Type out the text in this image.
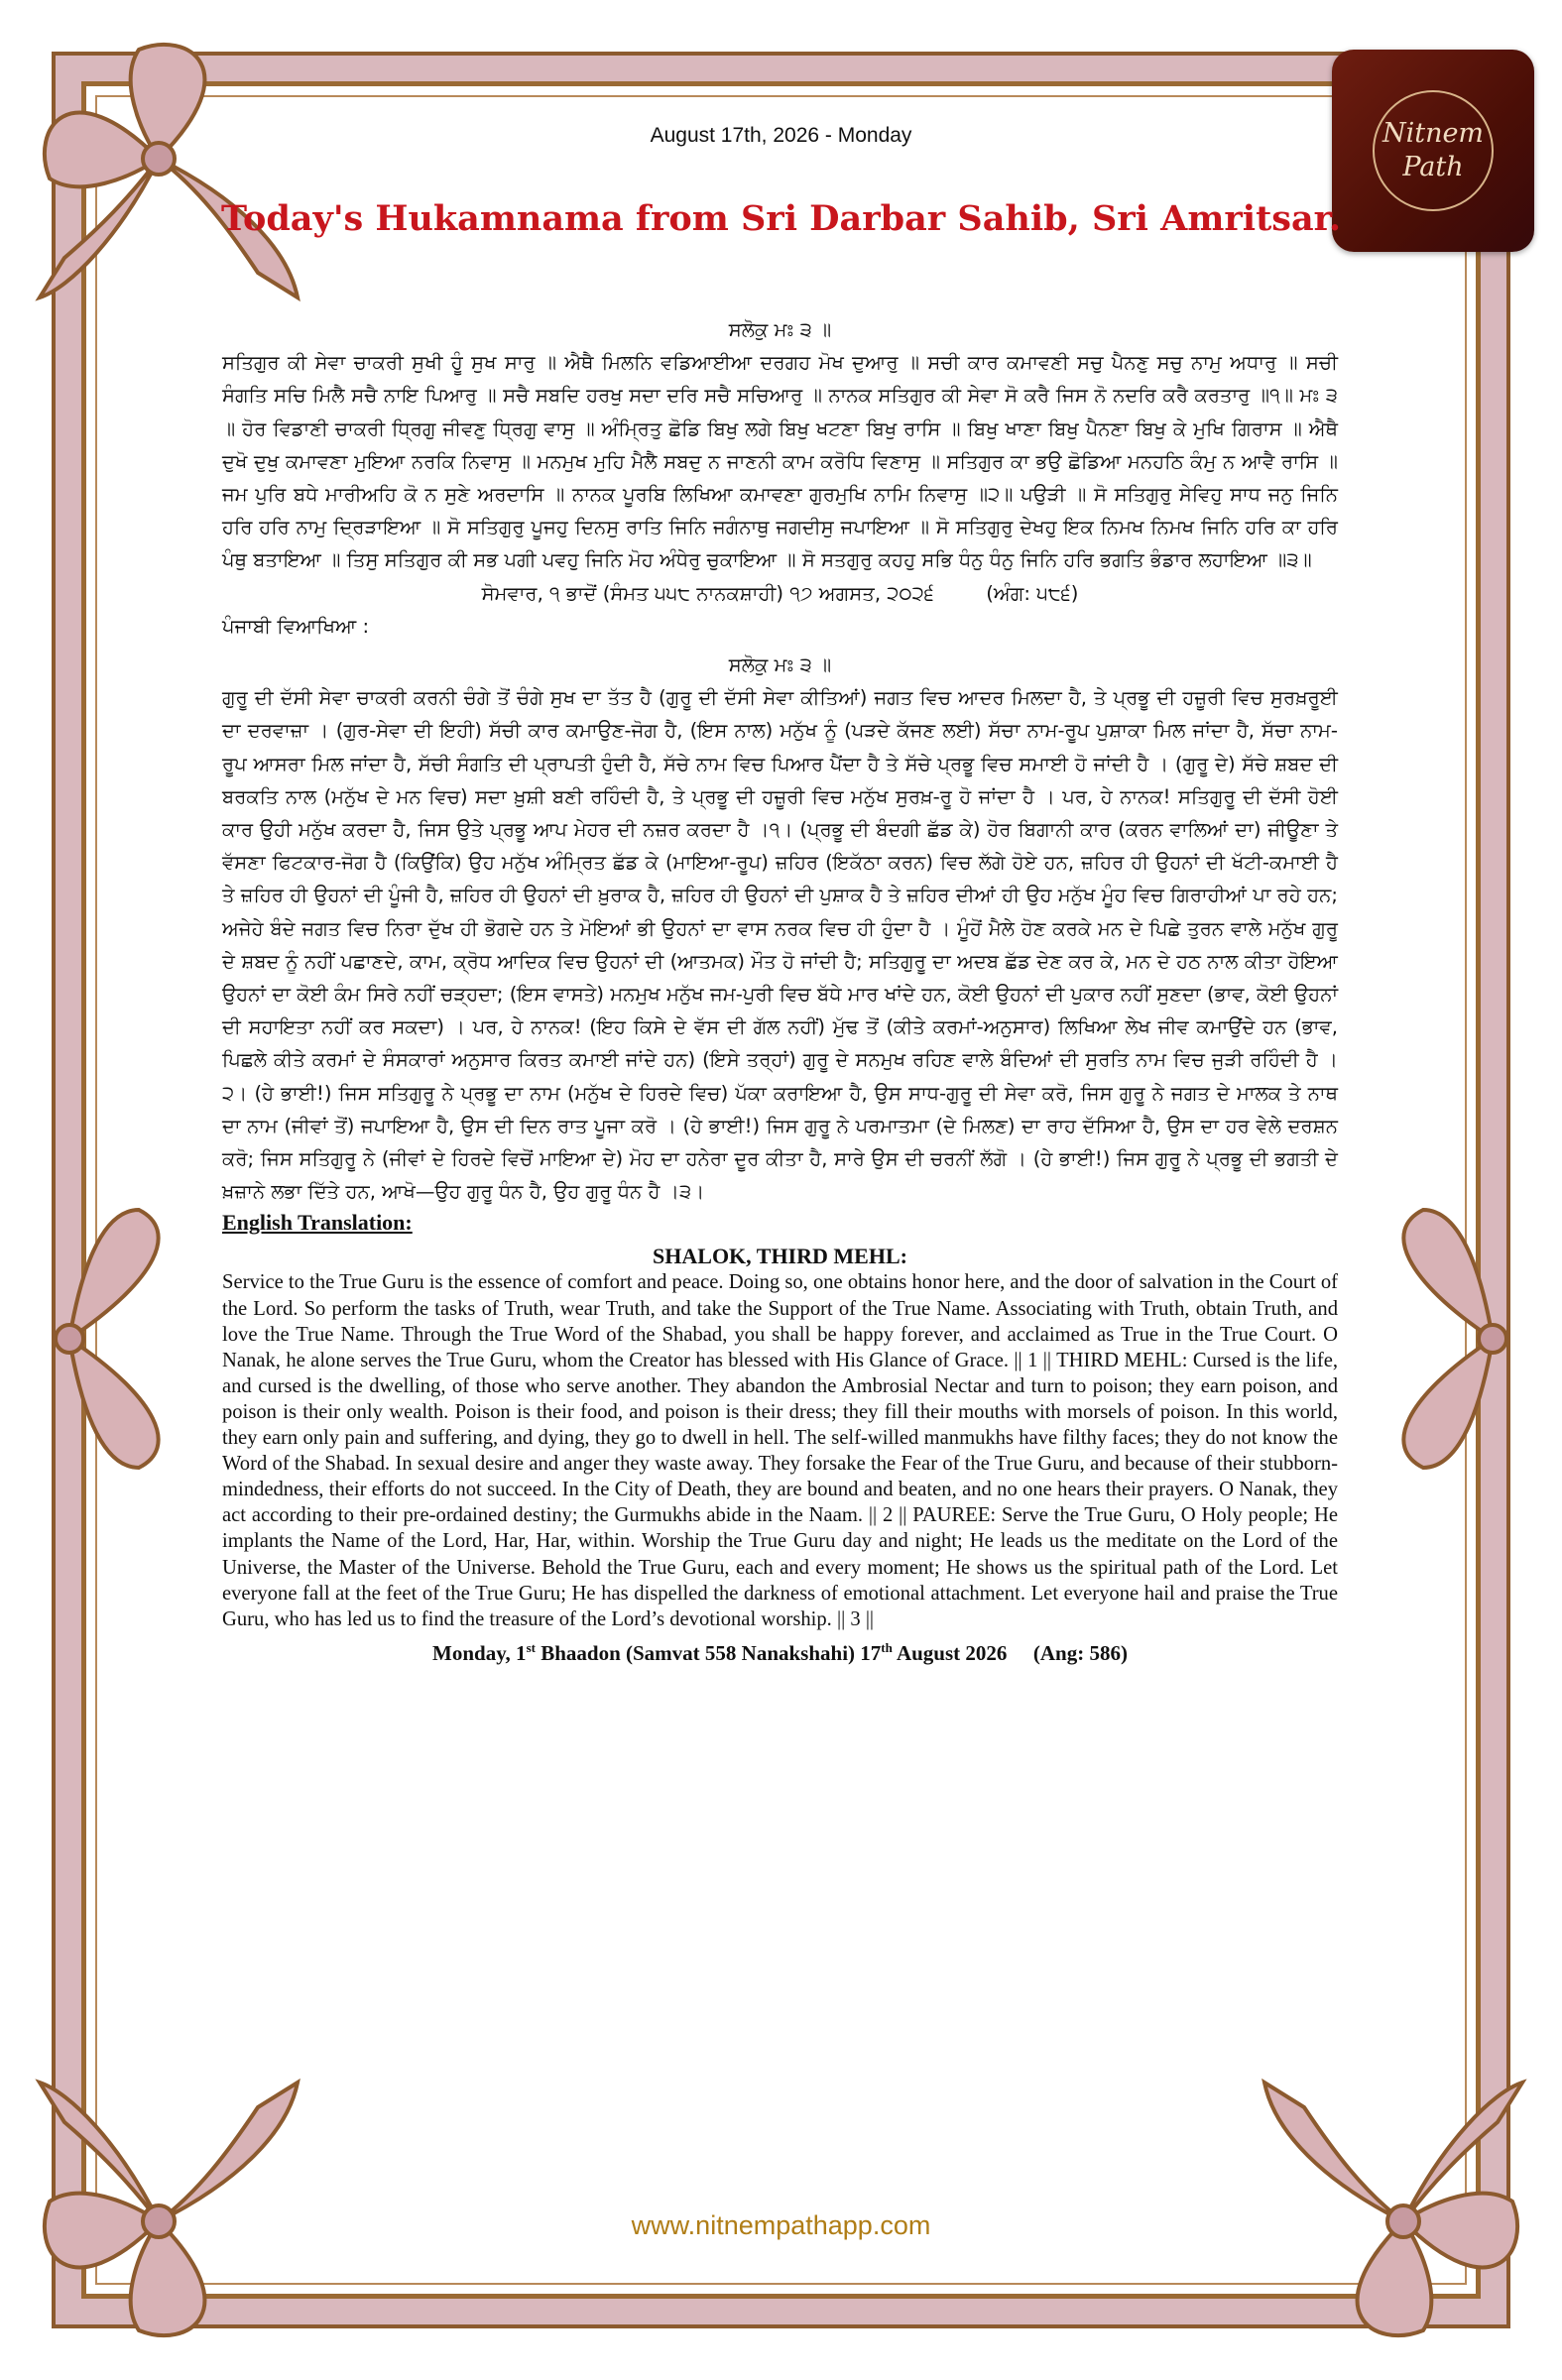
Nitnem
Path
August 17th, 2026 - Monday
Today's Hukamnama from Sri Darbar Sahib, Sri Amritsar.

ਸਲੋਕੁ ਮਃ ੩ ॥

ਸਤਿਗੁਰ ਕੀ ਸੇਵਾ ਚਾਕਰੀ ਸੁਖੀ ਹੂੰ ਸੁਖ ਸਾਰੁ ॥ ਐਥੈ ਮਿਲਨਿ ਵਡਿਆਈਆ ਦਰਗਹ ਮੋਖ ਦੁਆਰੁ ॥ ਸਚੀ ਕਾਰ ਕਮਾਵਣੀ ਸਚੁ ਪੈਨਣੁ ਸਚੁ ਨਾਮੁ ਅਧਾਰੁ ॥ ਸਚੀ ਸੰਗਤਿ ਸਚਿ ਮਿਲੈ ਸਚੈ ਨਾਇ ਪਿਆਰੁ ॥ ਸਚੈ ਸਬਦਿ ਹਰਖੁ ਸਦਾ ਦਰਿ ਸਚੈ ਸਚਿਆਰੁ ॥ ਨਾਨਕ ਸਤਿਗੁਰ ਕੀ ਸੇਵਾ ਸੋ ਕਰੈ ਜਿਸ ਨੋ ਨਦਰਿ ਕਰੈ ਕਰਤਾਰੁ ॥੧॥ ਮਃ ੩ ॥ ਹੋਰ ਵਿਡਾਣੀ ਚਾਕਰੀ ਧ੍ਰਿਗੁ ਜੀਵਣੁ ਧ੍ਰਿਗੁ ਵਾਸੁ ॥ ਅੰਮ੍ਰਿਤੁ ਛੋਡਿ ਬਿਖੁ ਲਗੇ ਬਿਖੁ ਖਟਣਾ ਬਿਖੁ ਰਾਸਿ ॥ ਬਿਖੁ ਖਾਣਾ ਬਿਖੁ ਪੈਨਣਾ ਬਿਖੁ ਕੇ ਮੁਖਿ ਗਿਰਾਸ ॥ ਐਥੈ ਦੁਖੋ ਦੁਖੁ ਕਮਾਵਣਾ ਮੁਇਆ ਨਰਕਿ ਨਿਵਾਸੁ ॥ ਮਨਮੁਖ ਮੁਹਿ ਮੈਲੈ ਸਬਦੁ ਨ ਜਾਣਨੀ ਕਾਮ ਕਰੋਧਿ ਵਿਣਾਸੁ ॥ ਸਤਿਗੁਰ ਕਾ ਭਉ ਛੋਡਿਆ ਮਨਹਠਿ ਕੰਮੁ ਨ ਆਵੈ ਰਾਸਿ ॥ ਜਮ ਪੁਰਿ ਬਧੇ ਮਾਰੀਅਹਿ ਕੋ ਨ ਸੁਣੇ ਅਰਦਾਸਿ ॥ ਨਾਨਕ ਪੂਰਬਿ ਲਿਖਿਆ ਕਮਾਵਣਾ ਗੁਰਮੁਖਿ ਨਾਮਿ ਨਿਵਾਸੁ ॥੨॥ ਪਉੜੀ ॥ ਸੋ ਸਤਿਗੁਰੁ ਸੇਵਿਹੁ ਸਾਧ ਜਨੁ ਜਿਨਿ ਹਰਿ ਹਰਿ ਨਾਮੁ ਦ੍ਰਿੜਾਇਆ ॥ ਸੋ ਸਤਿਗੁਰੁ ਪੂਜਹੁ ਦਿਨਸੁ ਰਾਤਿ ਜਿਨਿ ਜਗੰਨਾਥੁ ਜਗਦੀਸੁ ਜਪਾਇਆ ॥ ਸੋ ਸਤਿਗੁਰੁ ਦੇਖਹੁ ਇਕ ਨਿਮਖ ਨਿਮਖ ਜਿਨਿ ਹਰਿ ਕਾ ਹਰਿ ਪੰਥੁ ਬਤਾਇਆ ॥ ਤਿਸੁ ਸਤਿਗੁਰ ਕੀ ਸਭ ਪਗੀ ਪਵਹੁ ਜਿਨਿ ਮੋਹ ਅੰਧੇਰੁ ਚੁਕਾਇਆ ॥ ਸੋ ਸਤਗੁਰੁ ਕਹਹੁ ਸਭਿ ਧੰਨੁ ਧੰਨੁ ਜਿਨਿ ਹਰਿ ਭਗਤਿ ਭੰਡਾਰ ਲਹਾਇਆ ॥੩॥

ਸੋਮਵਾਰ, ੧ ਭਾਦੋਂ (ਸੰਮਤ ੫੫੮ ਨਾਨਕਸ਼ਾਹੀ) ੧੭ ਅਗਸਤ, ੨੦੨੬	(ਅੰਗ: ੫੮੬)

ਪੰਜਾਬੀ ਵਿਆਖਿਆ :

ਸਲੋਕੁ ਮਃ ੩ ॥

ਗੁਰੂ ਦੀ ਦੱਸੀ ਸੇਵਾ ਚਾਕਰੀ ਕਰਨੀ ਚੰਗੇ ਤੋਂ ਚੰਗੇ ਸੁਖ ਦਾ ਤੱਤ ਹੈ (ਗੁਰੂ ਦੀ ਦੱਸੀ ਸੇਵਾ ਕੀਤਿਆਂ) ਜਗਤ ਵਿਚ ਆਦਰ ਮਿਲਦਾ ਹੈ, ਤੇ ਪ੍ਰਭੂ ਦੀ ਹਜ਼ੂਰੀ ਵਿਚ ਸੁਰਖ਼ਰੂਈ ਦਾ ਦਰਵਾਜ਼ਾ । (ਗੁਰ-ਸੇਵਾ ਦੀ ਇਹੀ) ਸੱਚੀ ਕਾਰ ਕਮਾਉਣ-ਜੋਗ ਹੈ, (ਇਸ ਨਾਲ) ਮਨੁੱਖ ਨੂੰ (ਪੜਦੇ ਕੱਜਣ ਲਈ) ਸੱਚਾ ਨਾਮ-ਰੂਪ ਪੁਸ਼ਾਕਾ ਮਿਲ ਜਾਂਦਾ ਹੈ, ਸੱਚਾ ਨਾਮ-ਰੂਪ ਆਸਰਾ ਮਿਲ ਜਾਂਦਾ ਹੈ, ਸੱਚੀ ਸੰਗਤਿ ਦੀ ਪ੍ਰਾਪਤੀ ਹੁੰਦੀ ਹੈ, ਸੱਚੇ ਨਾਮ ਵਿਚ ਪਿਆਰ ਪੈਂਦਾ ਹੈ ਤੇ ਸੱਚੇ ਪ੍ਰਭੂ ਵਿਚ ਸਮਾਈ ਹੋ ਜਾਂਦੀ ਹੈ । (ਗੁਰੂ ਦੇ) ਸੱਚੇ ਸ਼ਬਦ ਦੀ ਬਰਕਤਿ ਨਾਲ (ਮਨੁੱਖ ਦੇ ਮਨ ਵਿਚ) ਸਦਾ ਖ਼ੁਸ਼ੀ ਬਣੀ ਰਹਿੰਦੀ ਹੈ, ਤੇ ਪ੍ਰਭੂ ਦੀ ਹਜ਼ੂਰੀ ਵਿਚ ਮਨੁੱਖ ਸੁਰਖ਼-ਰੂ ਹੋ ਜਾਂਦਾ ਹੈ । ਪਰ, ਹੇ ਨਾਨਕ! ਸਤਿਗੁਰੂ ਦੀ ਦੱਸੀ ਹੋਈ ਕਾਰ ਉਹੀ ਮਨੁੱਖ ਕਰਦਾ ਹੈ, ਜਿਸ ਉਤੇ ਪ੍ਰਭੂ ਆਪ ਮੇਹਰ ਦੀ ਨਜ਼ਰ ਕਰਦਾ ਹੈ ।੧। (ਪ੍ਰਭੂ ਦੀ ਬੰਦਗੀ ਛੱਡ ਕੇ) ਹੋਰ ਬਿਗਾਨੀ ਕਾਰ (ਕਰਨ ਵਾਲਿਆਂ ਦਾ) ਜੀਊਣਾ ਤੇ ਵੱਸਣਾ ਫਿਟਕਾਰ-ਜੋਗ ਹੈ (ਕਿਉਂਕਿ) ਉਹ ਮਨੁੱਖ ਅੰਮ੍ਰਿਤ ਛੱਡ ਕੇ (ਮਾਇਆ-ਰੂਪ) ਜ਼ਹਿਰ (ਇਕੱਠਾ ਕਰਨ) ਵਿਚ ਲੱਗੇ ਹੋਏ ਹਨ, ਜ਼ਹਿਰ ਹੀ ਉਹਨਾਂ ਦੀ ਖੱਟੀ-ਕਮਾਈ ਹੈ ਤੇ ਜ਼ਹਿਰ ਹੀ ਉਹਨਾਂ ਦੀ ਪੂੰਜੀ ਹੈ, ਜ਼ਹਿਰ ਹੀ ਉਹਨਾਂ ਦੀ ਖ਼ੁਰਾਕ ਹੈ, ਜ਼ਹਿਰ ਹੀ ਉਹਨਾਂ ਦੀ ਪੁਸ਼ਾਕ ਹੈ ਤੇ ਜ਼ਹਿਰ ਦੀਆਂ ਹੀ ਉਹ ਮਨੁੱਖ ਮੂੰਹ ਵਿਚ ਗਿਰਾਹੀਆਂ ਪਾ ਰਹੇ ਹਨ; ਅਜੇਹੇ ਬੰਦੇ ਜਗਤ ਵਿਚ ਨਿਰਾ ਦੁੱਖ ਹੀ ਭੋਗਦੇ ਹਨ ਤੇ ਮੋਇਆਂ ਭੀ ਉਹਨਾਂ ਦਾ ਵਾਸ ਨਰਕ ਵਿਚ ਹੀ ਹੁੰਦਾ ਹੈ । ਮੂੰਹੋਂ ਮੈਲੇ ਹੋਣ ਕਰਕੇ ਮਨ ਦੇ ਪਿਛੇ ਤੁਰਨ ਵਾਲੇ ਮਨੁੱਖ ਗੁਰੂ ਦੇ ਸ਼ਬਦ ਨੂੰ ਨਹੀਂ ਪਛਾਣਦੇ, ਕਾਮ, ਕ੍ਰੋਧ ਆਦਿਕ ਵਿਚ ਉਹਨਾਂ ਦੀ (ਆਤਮਕ) ਮੌਤ ਹੋ ਜਾਂਦੀ ਹੈ; ਸਤਿਗੁਰੂ ਦਾ ਅਦਬ ਛੱਡ ਦੇਣ ਕਰ ਕੇ, ਮਨ ਦੇ ਹਠ ਨਾਲ ਕੀਤਾ ਹੋਇਆ ਉਹਨਾਂ ਦਾ ਕੋਈ ਕੰਮ ਸਿਰੇ ਨਹੀਂ ਚੜ੍ਹਦਾ; (ਇਸ ਵਾਸਤੇ) ਮਨਮੁਖ ਮਨੁੱਖ ਜਮ-ਪੁਰੀ ਵਿਚ ਬੱਧੇ ਮਾਰ ਖਾਂਦੇ ਹਨ, ਕੋਈ ਉਹਨਾਂ ਦੀ ਪੁਕਾਰ ਨਹੀਂ ਸੁਣਦਾ (ਭਾਵ, ਕੋਈ ਉਹਨਾਂ ਦੀ ਸਹਾਇਤਾ ਨਹੀਂ ਕਰ ਸਕਦਾ) । ਪਰ, ਹੇ ਨਾਨਕ! (ਇਹ ਕਿਸੇ ਦੇ ਵੱਸ ਦੀ ਗੱਲ ਨਹੀਂ) ਮੁੱਢ ਤੋਂ (ਕੀਤੇ ਕਰਮਾਂ-ਅਨੁਸਾਰ) ਲਿਖਿਆ ਲੇਖ ਜੀਵ ਕਮਾਉਂਦੇ ਹਨ (ਭਾਵ, ਪਿਛਲੇ ਕੀਤੇ ਕਰਮਾਂ ਦੇ ਸੰਸਕਾਰਾਂ ਅਨੁਸਾਰ ਕਿਰਤ ਕਮਾਈ ਜਾਂਦੇ ਹਨ) (ਇਸੇ ਤਰ੍ਹਾਂ) ਗੁਰੂ ਦੇ ਸਨਮੁਖ ਰਹਿਣ ਵਾਲੇ ਬੰਦਿਆਂ ਦੀ ਸੁਰਤਿ ਨਾਮ ਵਿਚ ਜੁੜੀ ਰਹਿੰਦੀ ਹੈ ।੨। (ਹੇ ਭਾਈ!) ਜਿਸ ਸਤਿਗੁਰੂ ਨੇ ਪ੍ਰਭੂ ਦਾ ਨਾਮ (ਮਨੁੱਖ ਦੇ ਹਿਰਦੇ ਵਿਚ) ਪੱਕਾ ਕਰਾਇਆ ਹੈ, ਉਸ ਸਾਧ-ਗੁਰੂ ਦੀ ਸੇਵਾ ਕਰੋ, ਜਿਸ ਗੁਰੂ ਨੇ ਜਗਤ ਦੇ ਮਾਲਕ ਤੇ ਨਾਥ ਦਾ ਨਾਮ (ਜੀਵਾਂ ਤੋਂ) ਜਪਾਇਆ ਹੈ, ਉਸ ਦੀ ਦਿਨ ਰਾਤ ਪੂਜਾ ਕਰੋ । (ਹੇ ਭਾਈ!) ਜਿਸ ਗੁਰੂ ਨੇ ਪਰਮਾਤਮਾ (ਦੇ ਮਿਲਣ) ਦਾ ਰਾਹ ਦੱਸਿਆ ਹੈ, ਉਸ ਦਾ ਹਰ ਵੇਲੇ ਦਰਸ਼ਨ ਕਰੋ; ਜਿਸ ਸਤਿਗੁਰੂ ਨੇ (ਜੀਵਾਂ ਦੇ ਹਿਰਦੇ ਵਿਚੋਂ ਮਾਇਆ ਦੇ) ਮੋਹ ਦਾ ਹਨੇਰਾ ਦੂਰ ਕੀਤਾ ਹੈ, ਸਾਰੇ ਉਸ ਦੀ ਚਰਨੀਂ ਲੱਗੋ । (ਹੇ ਭਾਈ!) ਜਿਸ ਗੁਰੂ ਨੇ ਪ੍ਰਭੂ ਦੀ ਭਗਤੀ ਦੇ ਖ਼ਜ਼ਾਨੇ ਲਭਾ ਦਿੱਤੇ ਹਨ, ਆਖੋ—ਉਹ ਗੁਰੂ ਧੰਨ ਹੈ, ਉਹ ਗੁਰੂ ਧੰਨ ਹੈ ।੩।

English Translation:

SHALOK, THIRD MEHL:

Service to the True Guru is the essence of comfort and peace. Doing so, one obtains honor here, and the door of salvation in the Court of the Lord. So perform the tasks of Truth, wear Truth, and take the Support of the True Name. Associating with Truth, obtain Truth, and love the True Name. Through the True Word of the Shabad, you shall be happy forever, and acclaimed as True in the True Court. O Nanak, he alone serves the True Guru, whom the Creator has blessed with His Glance of Grace. || 1 || THIRD MEHL: Cursed is the life, and cursed is the dwelling, of those who serve another. They abandon the Ambrosial Nectar and turn to poison; they earn poison, and poison is their only wealth. Poison is their food, and poison is their dress; they fill their mouths with morsels of poison. In this world, they earn only pain and suffering, and dying, they go to dwell in hell. The self-willed manmukhs have filthy faces; they do not know the Word of the Shabad. In sexual desire and anger they waste away. They forsake the Fear of the True Guru, and because of their stubborn-mindedness, their efforts do not succeed. In the City of Death, they are bound and beaten, and no one hears their prayers. O Nanak, they act according to their pre-ordained destiny; the Gurmukhs abide in the Naam. || 2 || PAUREE: Serve the True Guru, O Holy people; He implants the Name of the Lord, Har, Har, within. Worship the True Guru day and night; He leads us the meditate on the Lord of the Universe, the Master of the Universe. Behold the True Guru, each and every moment; He shows us the spiritual path of the Lord. Let everyone fall at the feet of the True Guru; He has dispelled the darkness of emotional attachment. Let everyone hail and praise the True Guru, who has led us to find the treasure of the Lord’s devotional worship. || 3 ||

Monday, 1st Bhaadon (Samvat 558 Nanakshahi) 17th August 2026 (Ang: 586)

www.nitnempathapp.com
